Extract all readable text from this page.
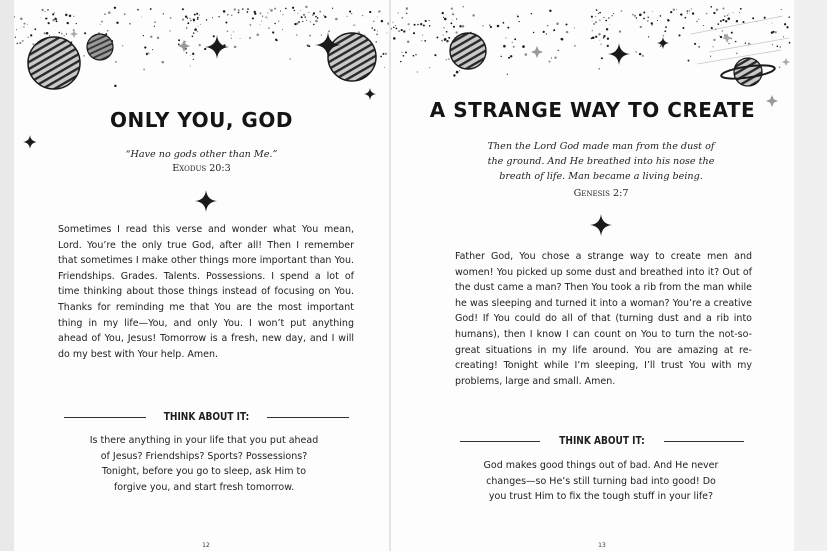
ONLY YOU, GOD
“Have no gods other than Me.”
Exodus 20:3

Sometimes I read this verse and wonder what You mean, Lord. You’re the only true God, after all! Then I remember that sometimes I make other things more important than You. Friendships. Grades. Talents. Possessions. I spend a lot of time thinking about those things instead of focusing on You. Thanks for reminding me that You are the most important thing in my life—You, and only You. I won’t put anything ahead of You, Jesus! Tomorrow is a fresh, new day, and I will do my best with Your help. Amen.

THINK ABOUT IT:
Is there anything in your life that you put ahead
of Jesus? Friendships? Sports? Possessions?
Tonight, before you go to sleep, ask Him to
forgive you, and start fresh tomorrow.
12
A STRANGE WAY TO CREATE
Then the Lord God made man from the dust of
the ground. And He breathed into his nose the
breath of life. Man became a living being.
Genesis 2:7

Father God, You chose a strange way to create men and women! You picked up some dust and breathed into it? Out of the dust came a man? Then You took a rib from the man while he was sleeping and turned it into a woman? You’re a creative God! If You could do all of that (turning dust and a rib into humans), then I know I can count on You to turn the not-so-great situations in my life around. You are amazing at re-creating! Tonight while I’m sleeping, I’ll trust You with my problems, large and small. Amen.

THINK ABOUT IT:
God makes good things out of bad. And He never
changes—so He’s still turning bad into good! Do
you trust Him to fix the tough stuff in your life?
13
